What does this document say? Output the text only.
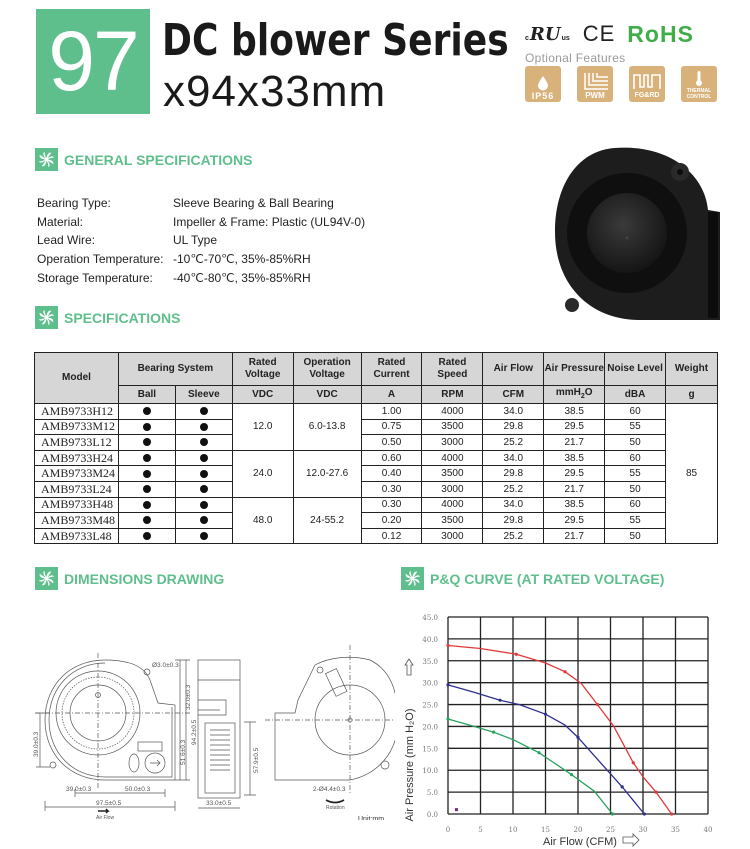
97 DC blower Series
x94x33mm
c RU us CE RoHS
Optional Features
IP56	PWM	FG&RD
THERMAL
CONTROL
GENERAL SPECIFICATIONS
Bearing Type:	Sleeve Bearing & Ball Bearing
Material:	Impeller & Frame: Plastic (UL94V-0)
Lead Wire:	UL Type
Operation Temperature: -10℃-70℃, 35%-85%RH
Storage Temperature:	-40℃-80℃, 35%-85%RH
SPECIFICATIONS
Model	Bearing System		Rated Voltage	Operation Voltage	Rated Current	Rated Speed	Air Flow	Air Pressure	Noise Level	Weight
	Ball	Sleeve	VDC	VDC	A	RPM	CFM	mmH$_2$O	dBA	g
AMB9733H12			12.0	6.0-13.8	1.00	4000	34.0	38.5	60	85
AMB9733M12					0.75	3500	29.8	29.5	55	
AMB9733L12					0.50	3000	25.2	21.7	50	
AMB9733H24			24.0	12.0-27.6	0.60	4000	34.0	38.5	60	
AMB9733M24					0.40	3500	29.8	29.5	55	
AMB9733L24					0.30	3000	25.2	21.7	50	
AMB9733H48			48.0	24-55.2	0.30	4000	34.0	38.5	60	
AMB9733M48					0.20	3500	29.8	29.5	55	
AMB9733L48					0.12	3000	25.2	21.7	50	
DIMENSIONS DRAWING
Ø3.0±0.3
32.0±0.3
94.2±0.5
51.6±0.3
39.0±0.3
39.0±0.3	50.0±0.3
97.5±0.5
57.9±0.5
33.0±0.5
2-Ø4.4±0.3
Air Flow
Rotation
Unit:mm
P&Q CURVE (AT RATED VOLTAGE)
0.0
5.0
10.0
15.0
20.0
25.0
30.0
35.0
40.0
45.0
0	5	10	15	20	25	30	35	40
Air Pressure (mm H₂O)
Air Flow (CFM)
